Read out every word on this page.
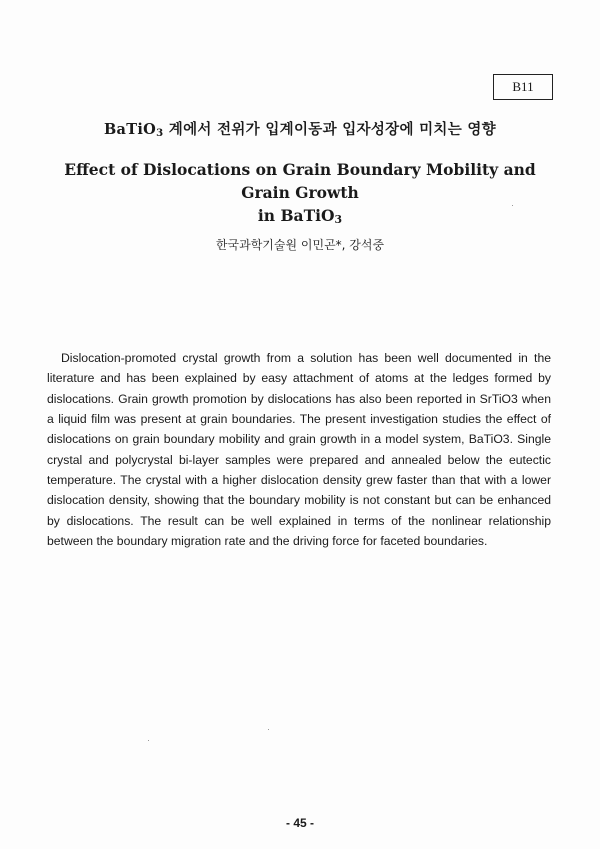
B11
BaTiO$_3$ 계에서 전위가 입계이동과 입자성장에 미치는 영향
Effect of Dislocations on Grain Boundary Mobility and Grain Growth
in BaTiO$_3$
한국과학기술원 이민곤*, 강석중

Dislocation-promoted crystal growth from a solution has been well documented in the literature and has been explained by easy attachment of atoms at the ledges formed by dislocations. Grain growth promotion by dislocations has also been reported in SrTiO3 when a liquid film was present at grain boundaries. The present investigation studies the effect of dislocations on grain boundary mobility and grain growth in a model system, BaTiO3. Single crystal and polycrystal bi-layer samples were prepared and annealed below the eutectic temperature. The crystal with a higher dislocation density grew faster than that with a lower dislocation density, showing that the boundary mobility is not constant but can be enhanced by dislocations. The result can be well explained in terms of the nonlinear relationship between the boundary migration rate and the driving force for faceted boundaries.

- 45 -
